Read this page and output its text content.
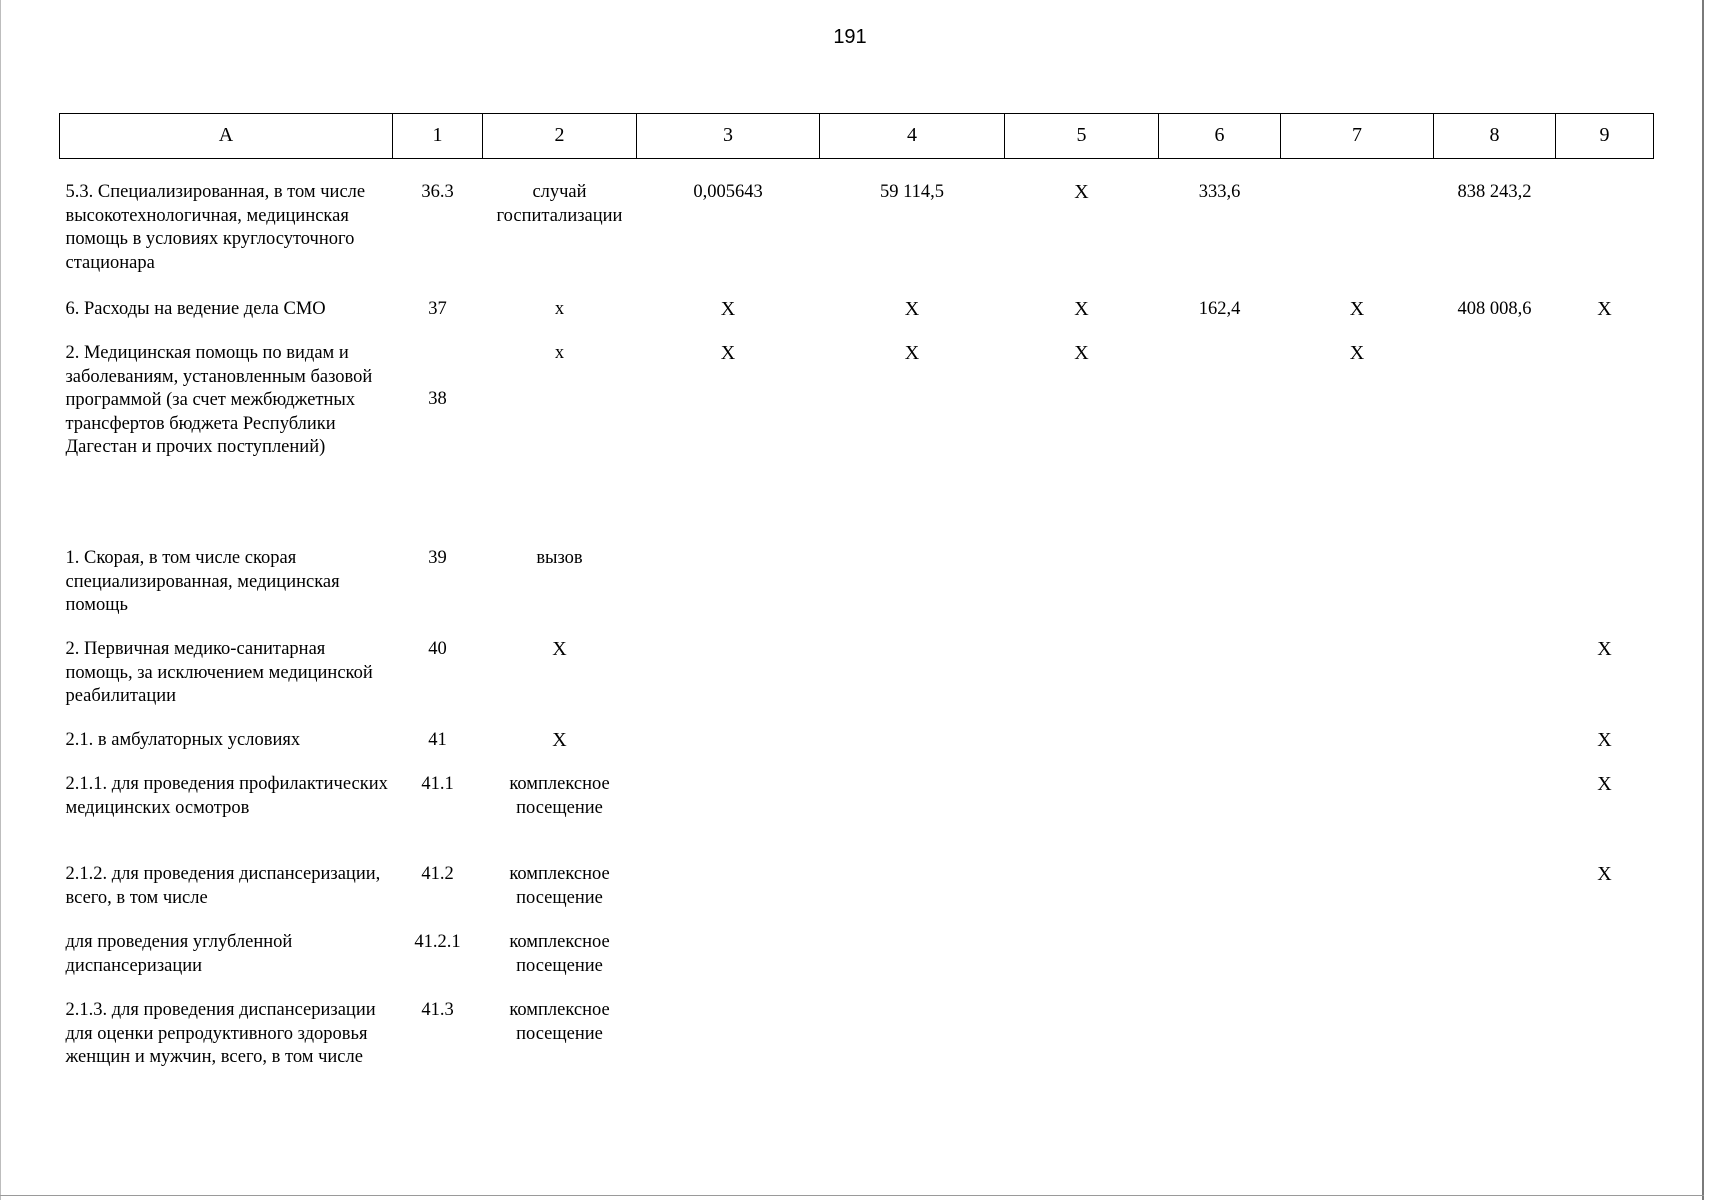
191
А	1	2	3	4	5	6	7	8	9
5.3. Специализированная, в том числе высокотехнологичная, медицинская помощь в условиях круглосуточного стационара	36.3	случай госпитализации	0,005643	59 114,5	Х	333,6		838 243,2	
6. Расходы на ведение дела СМО	37	х	Х	Х	Х	162,4	Х	408 008,6	Х
2. Медицинская помощь по видам и заболеваниям, установленным базовой программой (за счет межбюджетных трансфертов бюджета Республики Дагестан и прочих поступлений)	38	х	Х	Х	Х		Х		
1. Скорая, в том числе скорая специализированная, медицинская помощь	39	вызов							
2. Первичная медико-санитарная помощь, за исключением медицинской реабилитации	40	Х							Х
2.1. в амбулаторных условиях	41	Х							Х
2.1.1. для проведения профилактических медицинских осмотров	41.1	комплексное посещение							Х
2.1.2. для проведения диспансеризации, всего, в том числе	41.2	комплексное посещение							Х
для проведения углубленной диспансеризации	41.2.1	комплексное посещение							
2.1.3. для проведения диспансеризации для оценки репродуктивного здоровья женщин и мужчин, всего, в том числе	41.3	комплексное посещение							
